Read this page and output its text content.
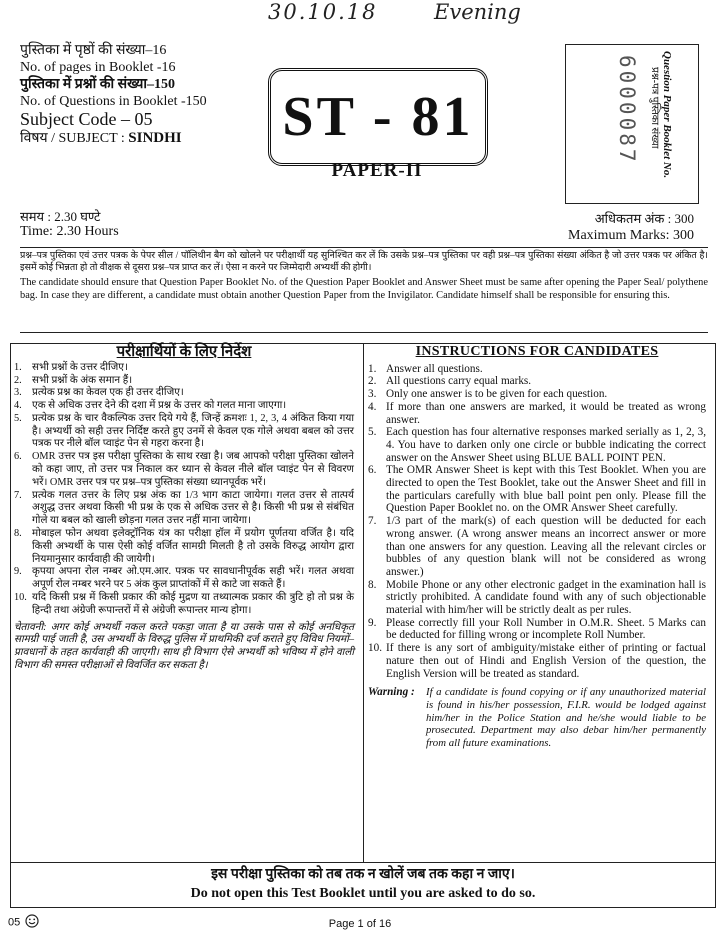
30.10.18	Evening
पुस्तिका में पृष्ठों की संख्या–16
No. of pages in Booklet -16
पुस्तिका में प्रश्नों की संख्या–150
No. of Questions in Booklet -150
Subject Code – 05
विषय / SUBJECT : SINDHI	ST - 81
PAPER-II
6000087 Question Paper Booklet No.
प्रश्न-पत्र पुस्तिका संख्या
समय : 2.30 घण्टे
Time: 2.30 Hours
अधिकतम अंक : 300
Maximum Marks: 300
प्रश्न–पत्र पुस्तिका एवं उत्तर पत्रक के पेपर सील / पॉलिथीन बैग को खोलने पर परीक्षार्थी यह सुनिश्चित कर लें कि उसके प्रश्न–पत्र पुस्तिका पर वही प्रश्न–पत्र पुस्तिका संख्या अंकित है जो उत्तर पत्रक पर अंकित है। इसमें कोई भिन्नता हो तो वीक्षक से दूसरा प्रश्न–पत्र प्राप्त कर लें। ऐसा न करने पर जिम्मेदारी अभ्यर्थी की होगी।
The candidate should ensure that Question Paper Booklet No. of the Question Paper Booklet and Answer Sheet must be same after opening the Paper Seal/ polythene bag. In case they are different, a candidate must obtain another Question Paper from the Invigilator. Candidate himself shall be responsible for ensuring this.
परीक्षार्थियों के लिए निर्देश
1. सभी प्रश्नों के उत्तर दीजिए।
2. सभी प्रश्नों के अंक समान हैं।
3. प्रत्येक प्रश्न का केवल एक ही उत्तर दीजिए।
4. एक से अधिक उत्तर देने की दशा में प्रश्न के उत्तर को गलत माना जाएगा।
5. प्रत्येक प्रश्न के चार वैकल्पिक उत्तर दिये गये हैं, जिन्हें क्रमशः 1, 2, 3, 4 अंकित किया गया है। अभ्यर्थी को सही उत्तर निर्दिष्ट करते हुए उनमें से केवल एक गोले अथवा बबल को उत्तर पत्रक पर नीले बॉल प्वाइंट पेन से गहरा करना है।
6. OMR उत्तर पत्र इस परीक्षा पुस्तिका के साथ रखा है। जब आपको परीक्षा पुस्तिका खोलने को कहा जाए, तो उत्तर पत्र निकाल कर ध्यान से केवल नीले बॉल प्वाइंट पेन से विवरण भरें। OMR उत्तर पत्र पर प्रश्न–पत्र पुस्तिका संख्या ध्यानपूर्वक भरें।
7. प्रत्येक गलत उत्तर के लिए प्रश्न अंक का 1/3 भाग काटा जायेगा। गलत उत्तर से तात्पर्य अशुद्ध उत्तर अथवा किसी भी प्रश्न के एक से अधिक उत्तर से है। किसी भी प्रश्न से संबंधित गोले या बबल को खाली छोड़ना गलत उत्तर नहीं माना जायेगा।
8. मोबाइल फोन अथवा इलेक्ट्रॉनिक यंत्र का परीक्षा हॉल में प्रयोग पूर्णतया वर्जित है। यदि किसी अभ्यर्थी के पास ऐसी कोई वर्जित सामग्री मिलती है तो उसके विरुद्ध आयोग द्वारा नियमानुसार कार्यवाही की जायेगी।
9. कृपया अपना रोल नम्बर ओ.एम.आर. पत्रक पर सावधानीपूर्वक सही भरें। गलत अथवा अपूर्ण रोल नम्बर भरने पर 5 अंक कुल प्राप्तांकों में से काटे जा सकते हैं।
10. यदि किसी प्रश्न में किसी प्रकार की कोई मुद्रण या तथ्यात्मक प्रकार की त्रुटि हो तो प्रश्न के हिन्दी तथा अंग्रेजी रूपान्तरों में से अंग्रेजी रूपान्तर मान्य होगा।
चेतावनी: अगर कोई अभ्यर्थी नकल करते पकड़ा जाता है या उसके पास से कोई अनधिकृत सामग्री पाई जाती है, उस अभ्यर्थी के विरुद्ध पुलिस में प्राथमिकी दर्ज कराते हुए विविध नियमों–प्रावधानों के तहत कार्यवाही की जाएगी। साथ ही विभाग ऐसे अभ्यर्थी को भविष्य में होने वाली विभाग की समस्त परीक्षाओं से विवर्जित कर सकता है।
INSTRUCTIONS FOR CANDIDATES
1. Answer all questions.
2. All questions carry equal marks.
3. Only one answer is to be given for each question.
4. If more than one answers are marked, it would be treated as wrong answer.
5. Each question has four alternative responses marked serially as 1, 2, 3, 4. You have to darken only one circle or bubble indicating the correct answer on the Answer Sheet using BLUE BALL POINT PEN.
6. The OMR Answer Sheet is kept with this Test Booklet. When you are directed to open the Test Booklet, take out the Answer Sheet and fill in the particulars carefully with blue ball point pen only. Please fill the Question Paper Booklet no. on the OMR Answer Sheet carefully.
7. 1/3 part of the mark(s) of each question will be deducted for each wrong answer. (A wrong answer means an incorrect answer or more than one answers for any question. Leaving all the relevant circles or bubbles of any question blank will not be considered as wrong answer.)
8. Mobile Phone or any other electronic gadget in the examination hall is strictly prohibited. A candidate found with any of such objectionable material with him/her will be strictly dealt as per rules.
9. Please correctly fill your Roll Number in O.M.R. Sheet. 5 Marks can be deducted for filling wrong or incomplete Roll Number.
10. If there is any sort of ambiguity/mistake either of printing or factual nature then out of Hindi and English Version of the question, the English Version will be treated as standard.
Warning :	If a candidate is found copying or if any unauthorized material is found in his/her possession, F.I.R. would be lodged against him/her in the Police Station and he/she would liable to be prosecuted. Department may also debar him/her permanently from all future examinations.
इस परीक्षा पुस्तिका को तब तक न खोलें जब तक कहा न जाए।
Do not open this Test Booklet until you are asked to do so.
05	Page 1 of 16
